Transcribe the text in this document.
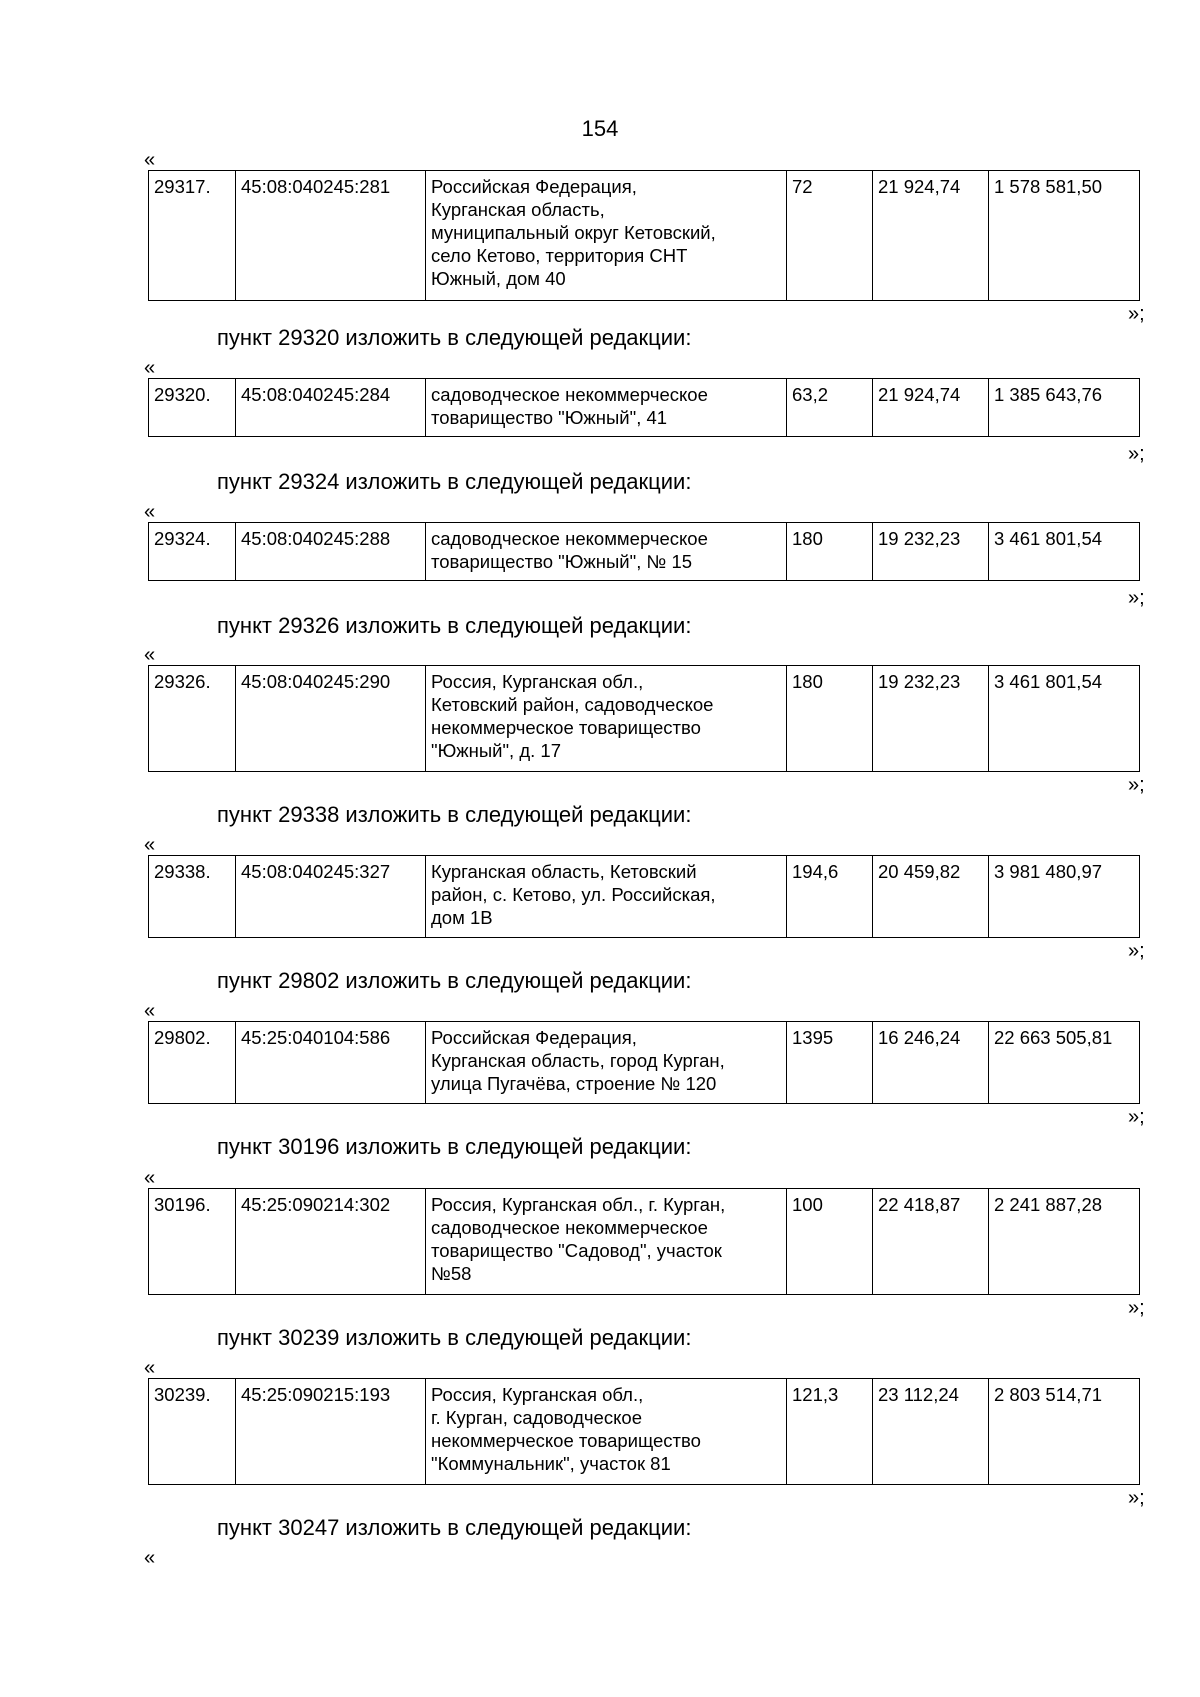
154
«
«
«
«
«
«
«
«
«
»;
»;
»;
»;
»;
»;
»;
»;
пункт 29320 изложить в следующей редакции:
пункт 29324 изложить в следующей редакции:
пункт 29326 изложить в следующей редакции:
пункт 29338 изложить в следующей редакции:
пункт 29802 изложить в следующей редакции:
пункт 30196 изложить в следующей редакции:
пункт 30239 изложить в следующей редакции:
пункт 30247 изложить в следующей редакции:
29317.	45:08:040245:281	Российская Федерация,
Курганская область,
муниципальный округ Кетовский,
село Кетово, территория СНТ
Южный, дом 40	72	21 924,74	1 578 581,50
29320.	45:08:040245:284	садоводческое некоммерческое
товарищество "Южный", 41	63,2	21 924,74	1 385 643,76
29324.	45:08:040245:288	садоводческое некоммерческое
товарищество "Южный", № 15	180	19 232,23	3 461 801,54
29326.	45:08:040245:290	Россия, Курганская обл.,
Кетовский район, садоводческое
некоммерческое товарищество
"Южный", д. 17	180	19 232,23	3 461 801,54
29338.	45:08:040245:327	Курганская область, Кетовский
район, с. Кетово, ул. Российская,
дом 1В	194,6	20 459,82	3 981 480,97
29802.	45:25:040104:586	Российская Федерация,
Курганская область, город Курган,
улица Пугачёва, строение № 120	1395	16 246,24	22 663 505,81
30196.	45:25:090214:302	Россия, Курганская обл., г. Курган,
садоводческое некоммерческое
товарищество "Садовод", участок
№58	100	22 418,87	2 241 887,28
30239.	45:25:090215:193	Россия, Курганская обл.,
г. Курган, садоводческое
некоммерческое товарищество
"Коммунальник", участок 81	121,3	23 112,24	2 803 514,71
